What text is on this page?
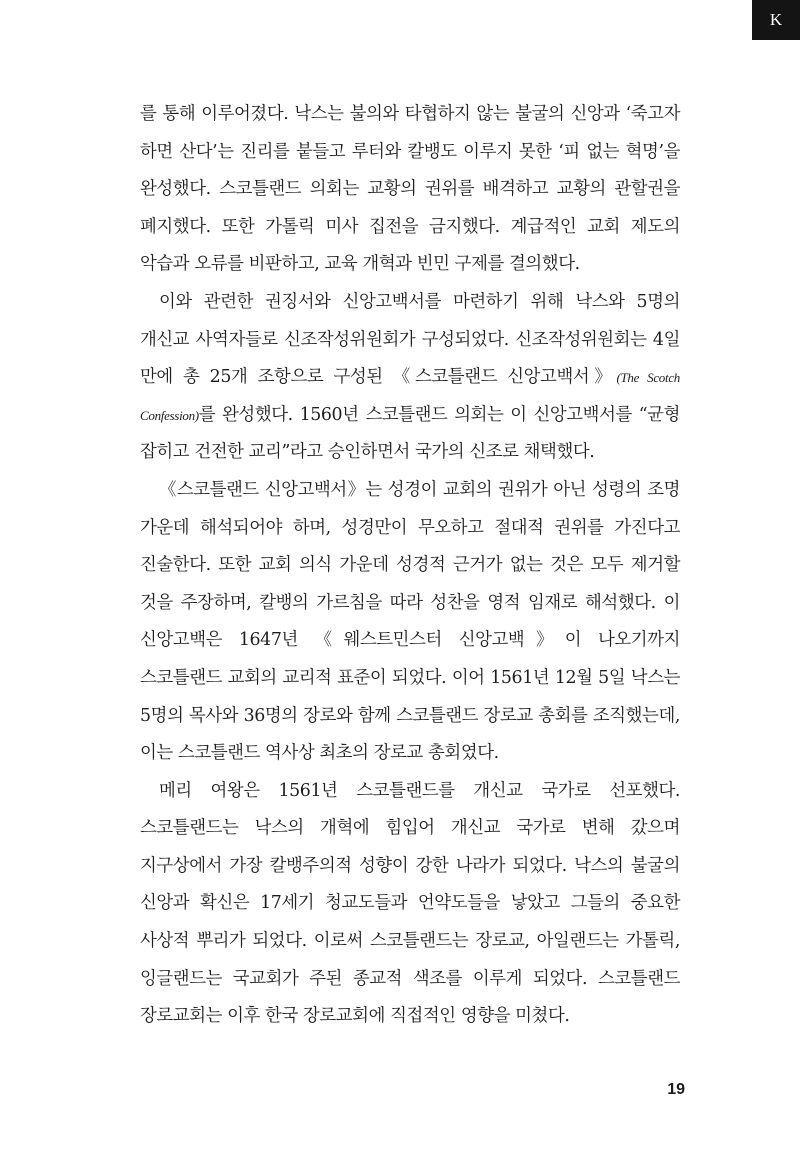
K

를 통해 이루어졌다. 낙스는 불의와 타협하지 않는 불굴의 신앙과 ‘죽고자 하면 산다’는 진리를 붙들고 루터와 칼뱅도 이루지 못한 ‘피 없는 혁명’을 완성했다. 스코틀랜드 의회는 교황의 권위를 배격하고 교황의 관할권을 폐지했다. 또한 가톨릭 미사 집전을 금지했다. 계급적인 교회 제도의 악습과 오류를 비판하고, 교육 개혁과 빈민 구제를 결의했다.

이와 관련한 권징서와 신앙고백서를 마련하기 위해 낙스와 5명의 개신교 사역자들로 신조작성위원회가 구성되었다. 신조작성위원회는 4일 만에 총 25개 조항으로 구성된 《스코틀랜드 신앙고백서》(The Scotch Confession)를 완성했다. 1560년 스코틀랜드 의회는 이 신앙고백서를 “균형 잡히고 건전한 교리”라고 승인하면서 국가의 신조로 채택했다.

《스코틀랜드 신앙고백서》는 성경이 교회의 권위가 아닌 성령의 조명 가운데 해석되어야 하며, 성경만이 무오하고 절대적 권위를 가진다고 진술한다. 또한 교회 의식 가운데 성경적 근거가 없는 것은 모두 제거할 것을 주장하며, 칼뱅의 가르침을 따라 성찬을 영적 임재로 해석했다. 이 신앙고백은 1647년 《웨스트민스터 신앙고백》이 나오기까지 스코틀랜드 교회의 교리적 표준이 되었다. 이어 1561년 12월 5일 낙스는 5명의 목사와 36명의 장로와 함께 스코틀랜드 장로교 총회를 조직했는데, 이는 스코틀랜드 역사상 최초의 장로교 총회였다.

메리 여왕은 1561년 스코틀랜드를 개신교 국가로 선포했다. 스코틀랜드는 낙스의 개혁에 힘입어 개신교 국가로 변해 갔으며 지구상에서 가장 칼뱅주의적 성향이 강한 나라가 되었다. 낙스의 불굴의 신앙과 확신은 17세기 청교도들과 언약도들을 낳았고 그들의 중요한 사상적 뿌리가 되었다. 이로써 스코틀랜드는 장로교, 아일랜드는 가톨릭, 잉글랜드는 국교회가 주된 종교적 색조를 이루게 되었다. 스코틀랜드 장로교회는 이후 한국 장로교회에 직접적인 영향을 미쳤다.

19
